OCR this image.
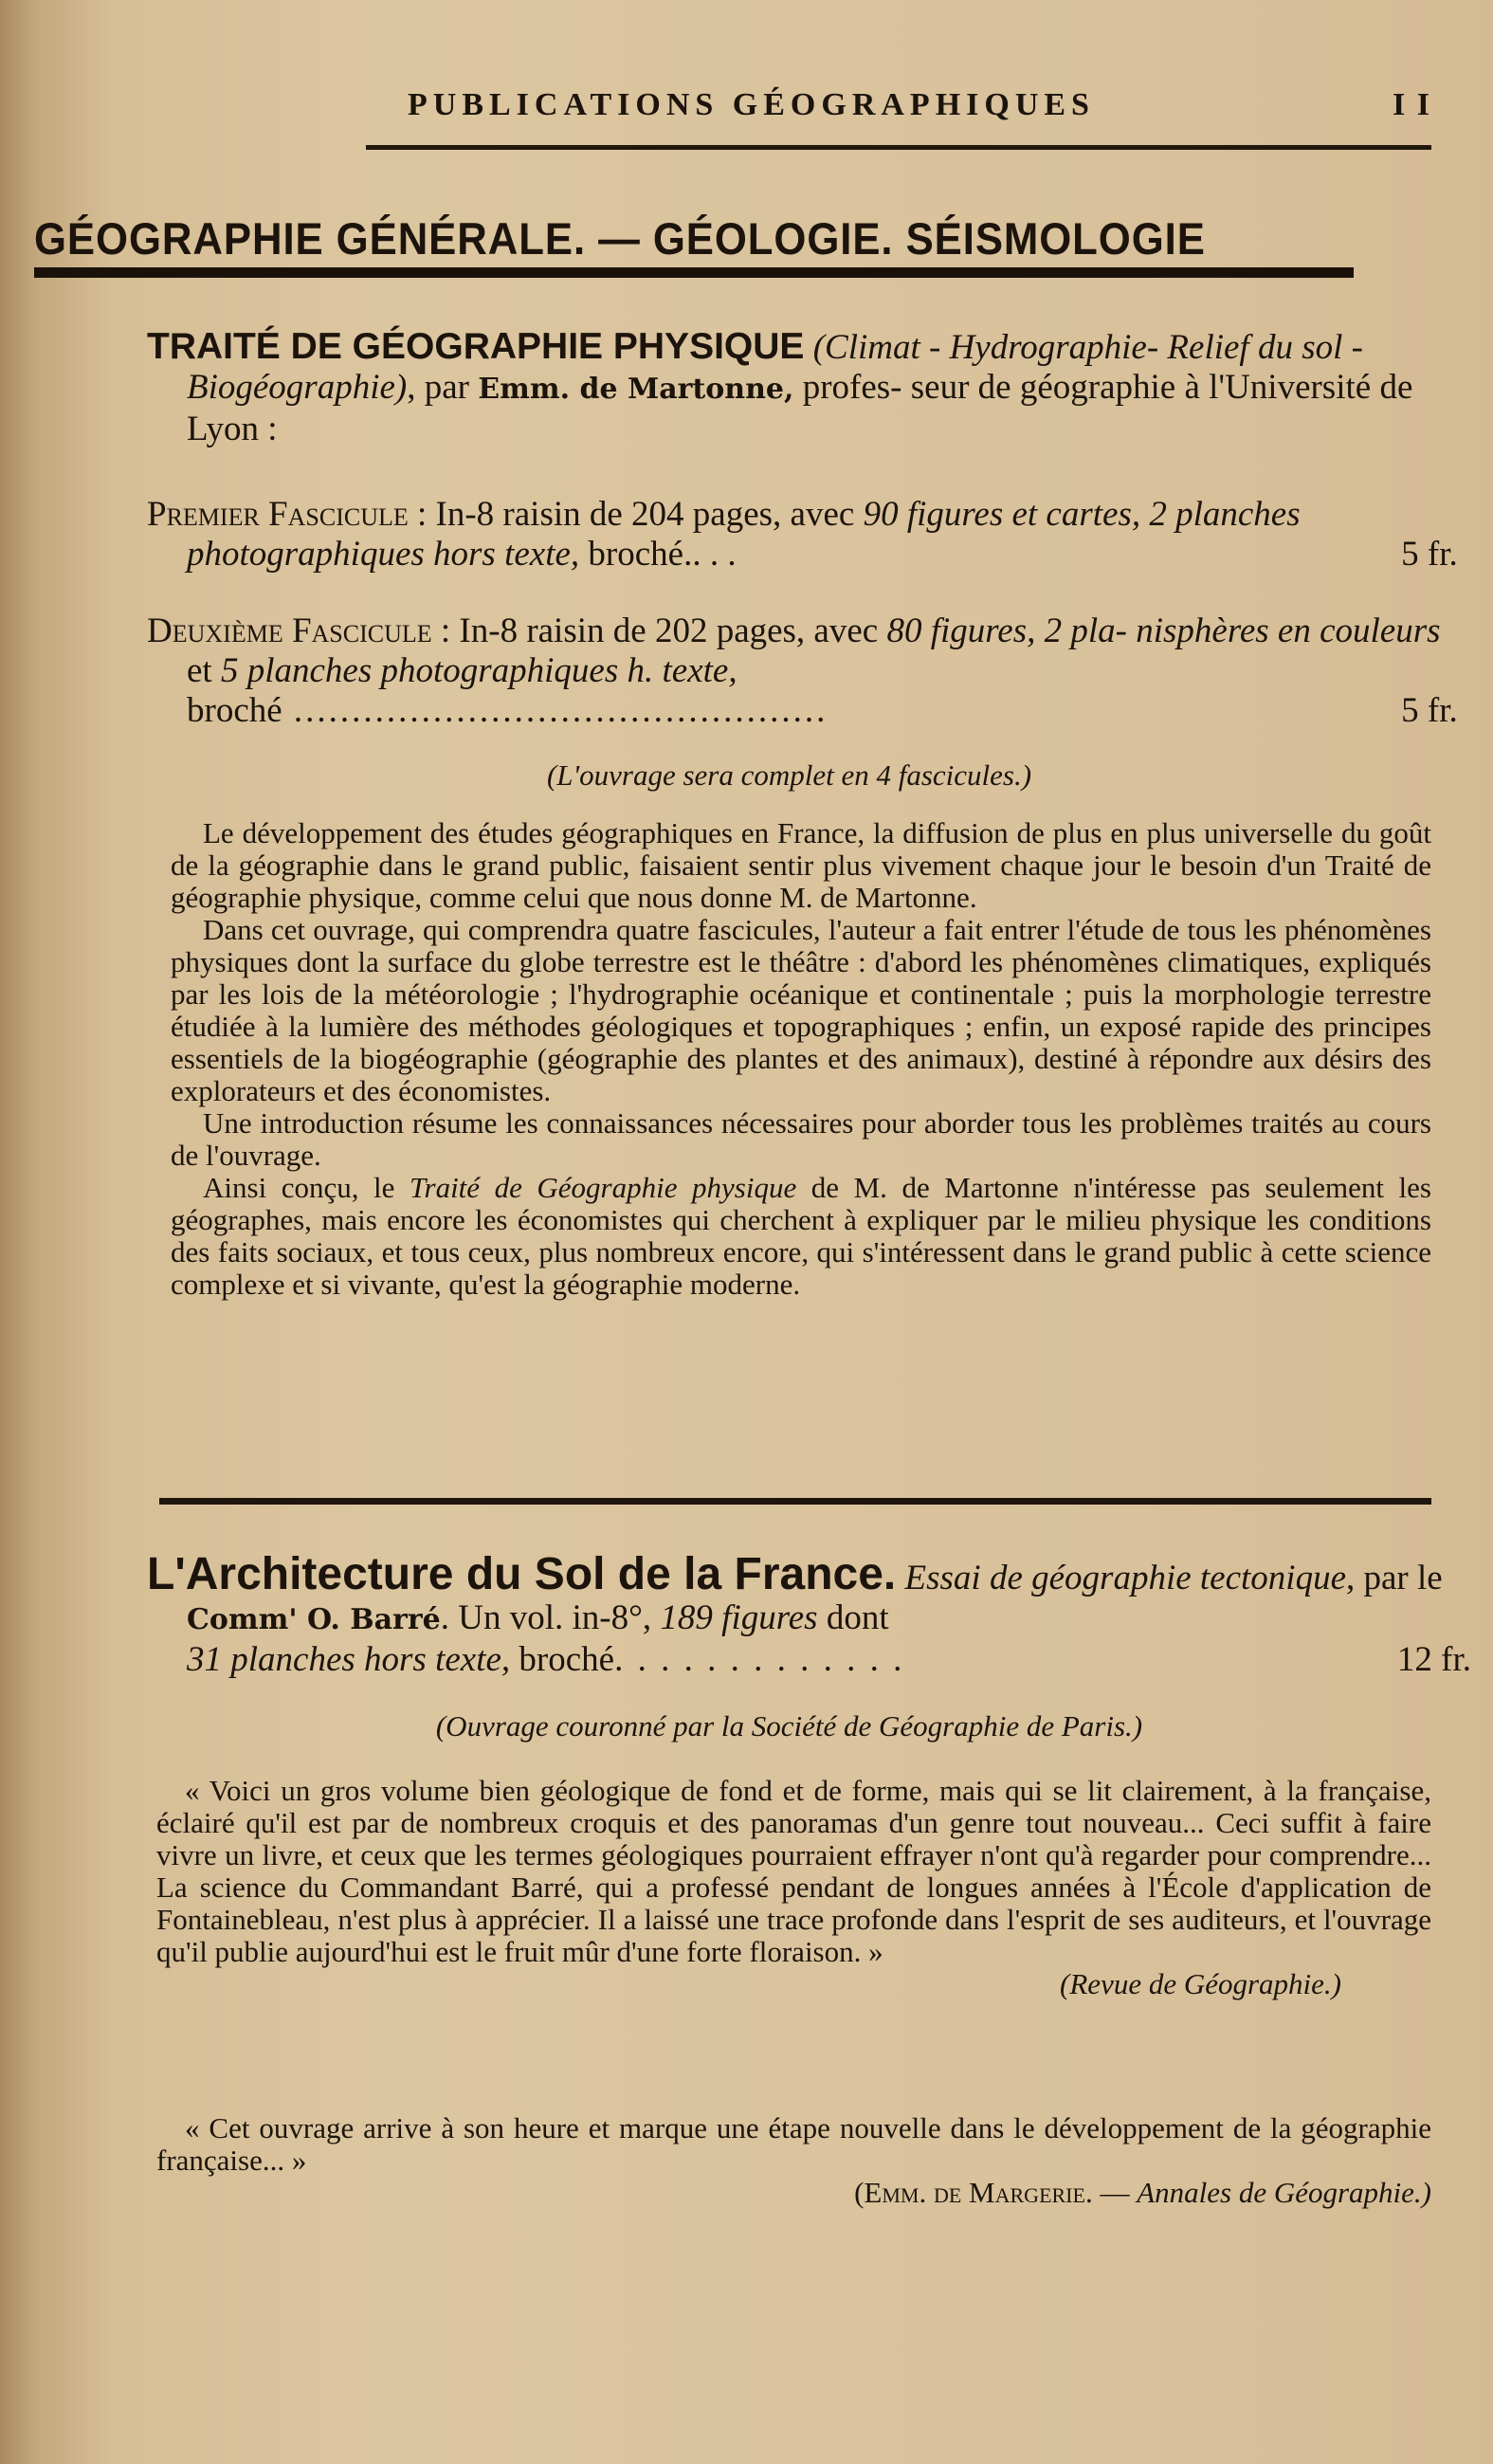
PUBLICATIONS GÉOGRAPHIQUES	I I
GÉOGRAPHIE GÉNÉRALE. — GÉOLOGIE. SÉISMOLOGIE
TRAITÉ DE GÉOGRAPHIE PHYSIQUE (Climat - Hydrographie- Relief du sol - Biogéographie), par Emm. de Martonne, profes- seur de géographie à l'Université de Lyon :
Premier Fascicule : In-8 raisin de 204 pages, avec 90 figures et cartes, 2 planches photographiques hors texte, broché.. . .	5 fr.
Deuxième Fascicule : In-8 raisin de 202 pages, avec 80 figures, 2 pla- nisphères en couleurs et 5 planches photographiques h. texte,
broché ..............................................	5 fr.
(L'ouvrage sera complet en 4 fascicules.)

Le développement des études géographiques en France, la diffusion de plus en plus universelle du goût de la géographie dans le grand public, faisaient sentir plus vivement chaque jour le besoin d'un Traité de géographie physique, comme celui que nous donne M. de Martonne.

Dans cet ouvrage, qui comprendra quatre fascicules, l'auteur a fait entrer l'étude de tous les phénomènes physiques dont la surface du globe terrestre est le théâtre : d'abord les phénomènes climatiques, expliqués par les lois de la météorologie ; l'hydrographie océanique et continentale ; puis la morphologie terrestre étudiée à la lumière des méthodes géologiques et topographiques ; enfin, un exposé rapide des principes essentiels de la biogéographie (géographie des plantes et des animaux), destiné à répondre aux désirs des explorateurs et des économistes.

Une introduction résume les connaissances nécessaires pour aborder tous les problèmes traités au cours de l'ouvrage.

Ainsi conçu, le Traité de Géographie physique de M. de Martonne n'intéresse pas seulement les géographes, mais encore les économistes qui cherchent à expliquer par le milieu physique les conditions des faits sociaux, et tous ceux, plus nombreux encore, qui s'intéressent dans le grand public à cette science complexe et si vivante, qu'est la géographie moderne.

L'Architecture du Sol de la France. Essai de géographie tectonique, par le Comm' O. Barré. Un vol. in-8°, 189 figures dont
31 planches hors texte, broché. . . . . . . . . . . . .	12 fr.
(Ouvrage couronné par la Société de Géographie de Paris.)

« Voici un gros volume bien géologique de fond et de forme, mais qui se lit clairement, à la française, éclairé qu'il est par de nombreux croquis et des panoramas d'un genre tout nouveau... Ceci suffit à faire vivre un livre, et ceux que les termes géologiques pourraient effrayer n'ont qu'à regarder pour comprendre... La science du Commandant Barré, qui a professé pendant de longues années à l'École d'application de Fontainebleau, n'est plus à apprécier. Il a laissé une trace profonde dans l'esprit de ses auditeurs, et l'ouvrage qu'il publie aujourd'hui est le fruit mûr d'une forte floraison. »

(Revue de Géographie.)

« Cet ouvrage arrive à son heure et marque une étape nouvelle dans le développement de la géographie française... »

(Emm. de Margerie. — Annales de Géographie.)
